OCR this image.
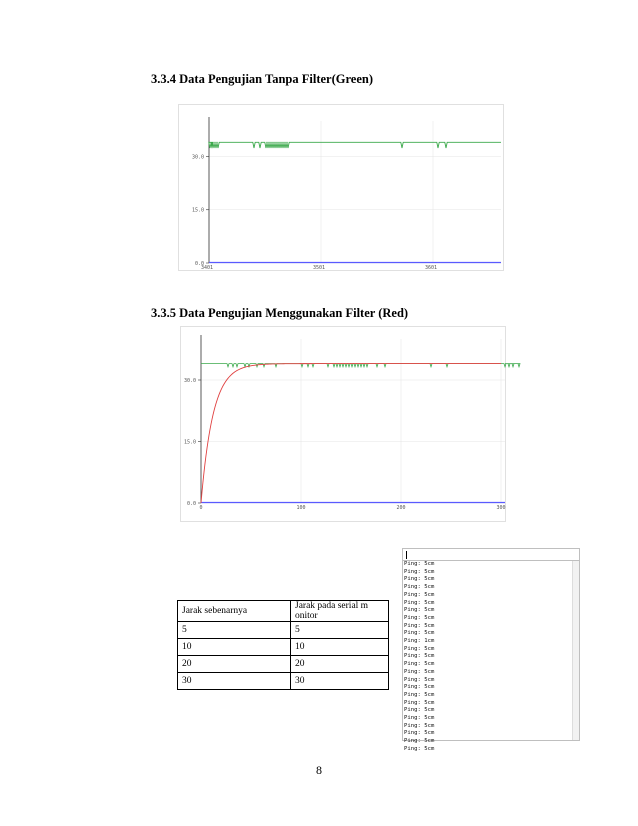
3.3.4 Data Pengujian Tanpa Filter(Green)
0.0
15.0
30.0
3401	3501	3601
3.3.5 Data Pengujian Menggunakan Filter (Red)
0.0
15.0
30.0
0	100	200	300
Jarak sebenarnya	Jarak pada serial m onitor
5	5
10	10
20	20
30	30
Ping: 5cm
Ping: 5cm
Ping: 5cm
Ping: 5cm
Ping: 5cm
Ping: 5cm
Ping: 5cm
Ping: 5cm
Ping: 5cm
Ping: 5cm
Ping: 1cm
Ping: 5cm
Ping: 5cm
Ping: 5cm
Ping: 5cm
Ping: 5cm
Ping: 5cm
Ping: 5cm
Ping: 5cm
Ping: 5cm
Ping: 5cm
Ping: 5cm
Ping: 5cm
Ping: 5cm
Ping: 5cm
8
